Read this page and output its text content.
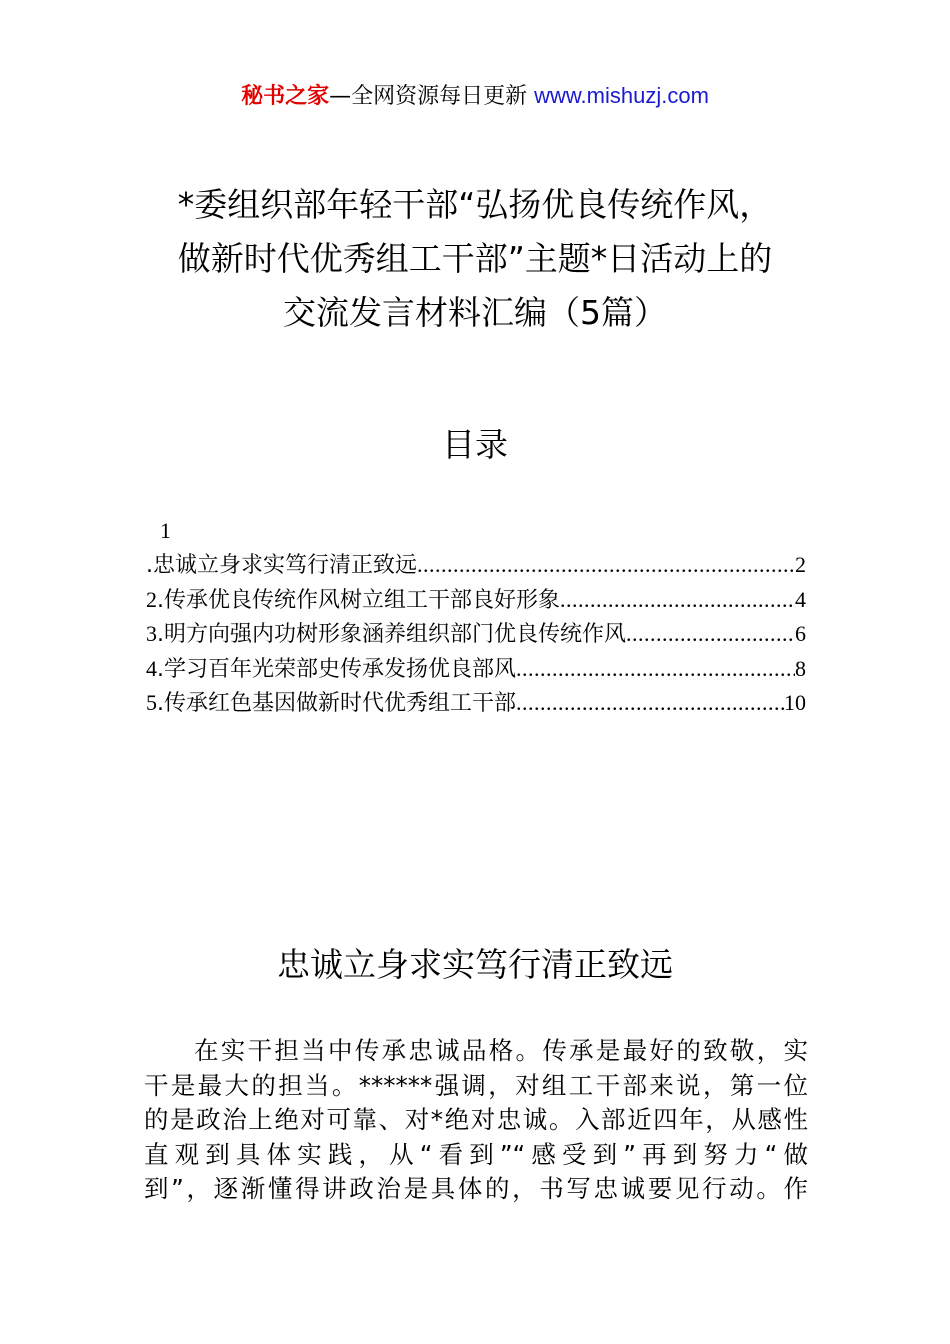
秘书之家—全网资源每日更新 www.mishuzj.com
*委组织部年轻干部“弘扬优良传统作风，
做新时代优秀组工干部”主题*日活动上的
交流发言材料汇编（5篇）
目录
1
.忠诚立身求实笃行清正致远 .....	2
2.传承优良传统作风树立组工干部良好形象 .....	4
3.明方向强内功树形象涵养组织部门优良传统作风 .....	6
4.学习百年光荣部史传承发扬优良部风 .....	8
5.传承红色基因做新时代优秀组工干部 .....	10
忠诚立身求实笃行清正致远
在实干担当中传承忠诚品格。传承是最好的致敬，实
干是最大的担当。******强调，对组工干部来说，第一位
的是政治上绝对可靠、对*绝对忠诚。入部近四年，从感性
直观到具体实践，从“看到”“感受到”再到努力“做
到”，逐渐懂得讲政治是具体的，书写忠诚要见行动。作
